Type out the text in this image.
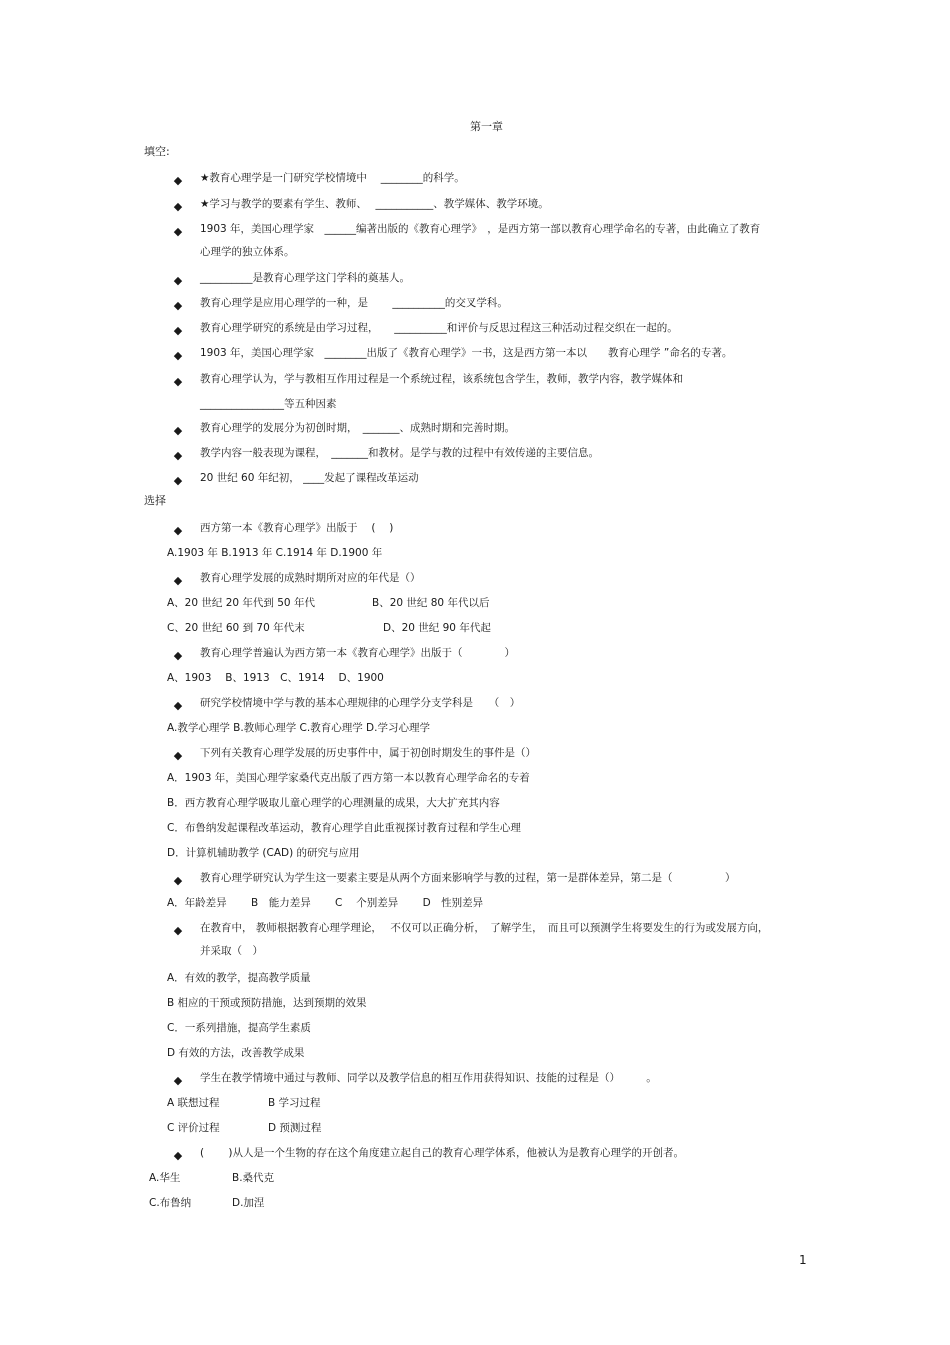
第一章
填空:
◆ ★教育心理学是一门研究学校情境中　 ________的科学。
◆ ★学习与教学的要素有学生、教师、　 ___________、教学媒体、教学环境。
◆ 1903 年，美国心理学家　______编著出版的《教育心理学》　，是西方第一部以教育心理学命名的专著，由此确立了教育
心理学的独立体系。
◆ __________是教育心理学这门学科的奠基人。
◆ 教育心理学是应用心理学的一种，是　　 __________的交叉学科。
◆ 教育心理学研究的系统是由学习过程，　　__________和评价与反思过程这三种活动过程交织在一起的。
◆ 1903 年，美国心理学家　________出版了《教育心理学》一书，这是西方第一本以　　教育心理学 ”命名的专著。
◆ 教育心理学认为，学与教相互作用过程是一个系统过程，该系统包含学生，教师，教学内容，教学媒体和
________________等五种因素
◆ 教育心理学的发展分为初创时期，　_______、成熟时期和完善时期。
◆ 教学内容一般表现为课程，　_______和教材。是学与教的过程中有效传递的主要信息。
◆ 20 世纪 60 年纪初， ____发起了课程改革运动
选择
◆ 西方第一本《教育心理学》出版于　 (　 )
A.1903 年 B.1913 年 C.1914 年 D.1900 年
◆ 教育心理学发展的成熟时期所对应的年代是（）
A、20 世纪 20 年代到 50 年代	B、20 世纪 80 年代以后
C、20 世纪 60 到 70 年代末	D、20 世纪 90 年代起
◆ 教育心理学普遍认为西方第一本《教育心理学》出版于（　　　　）
A、1903　 B、1913　C、1914　 D、1900
◆ 研究学校情境中学与教的基本心理规律的心理学分支学科是　　（　）
A.教学心理学 B.教师心理学 C.教育心理学 D.学习心理学
◆ 下列有关教育心理学发展的历史事件中，属于初创时期发生的事件是（）
A．1903 年，美国心理学家桑代克出版了西方第一本以教育心理学命名的专着
B．西方教育心理学吸取儿童心理学的心理测量的成果，大大扩充其内容
C．布鲁纳发起课程改革运动，教育心理学自此重视探讨教育过程和学生心理
D．计算机辅助教学 (CAD) 的研究与应用
◆ 教育心理学研究认为学生这一要素主要是从两个方面来影响学与教的过程，第一是群体差异，第二是（　　　　　）
A．年龄差异　　 B　能力差异　　 C　 个别差异　　 D　性别差异
◆ 在教育中， 教师根据教育心理学理论，　 不仅可以正确分析，　了解学生，　而且可以预测学生将要发生的行为或发展方向，
并采取（　）
A．有效的教学，提高教学质量
B 相应的干预或预防措施，达到预期的效果
C．一系列措施，提高学生素质
D 有效的方法，改善教学成果
◆ 学生在教学情境中通过与教师、同学以及教学信息的相互作用获得知识、技能的过程是（）　　　。
A 联想过程	B 学习过程
C 评价过程	D 预测过程
◆ (　　 )从人是一个生物的存在这个角度建立起自己的教育心理学体系，他被认为是教育心理学的开创者。
A.华生	B.桑代克
C.布鲁纳	D.加涅
1
